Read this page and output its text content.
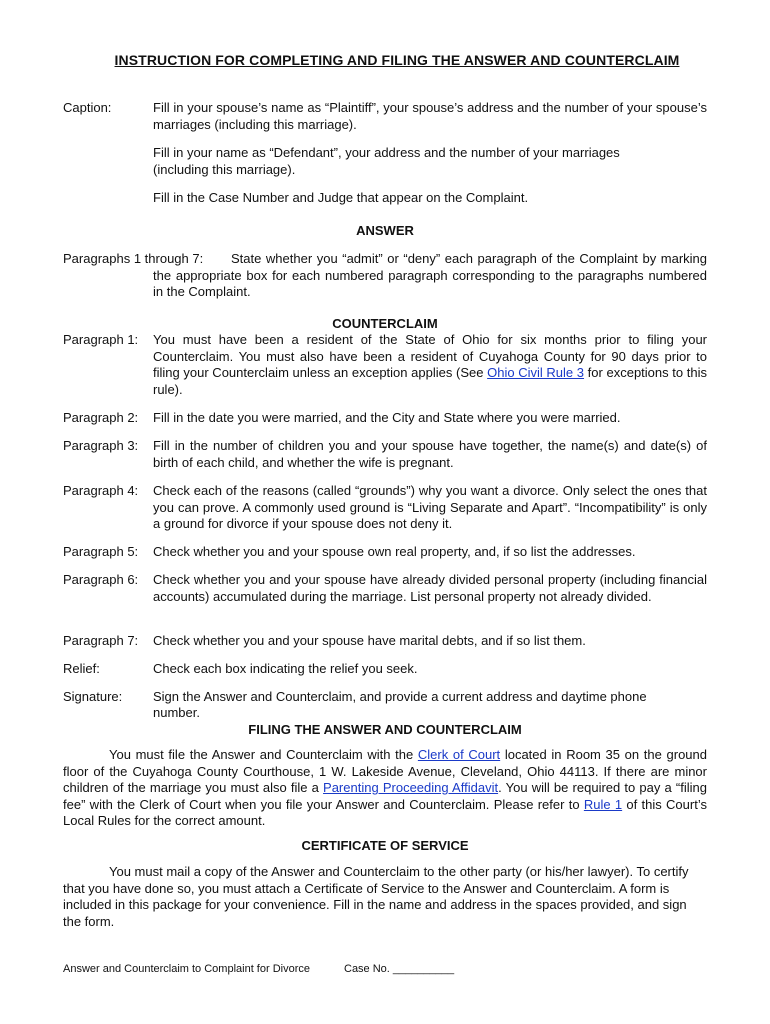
INSTRUCTION FOR COMPLETING AND FILING THE ANSWER AND COUNTERCLAIM
Caption:	Fill in your spouse’s name as “Plaintiff”, your spouse’s address and the number of your spouse’s marriages (including this marriage).
Fill in your name as “Defendant”, your address and the number of your marriages (including this marriage).
Fill in the Case Number and Judge that appear on the Complaint.
ANSWER
Paragraphs 1 through 7:	State whether you “admit” or “deny” each paragraph of the Complaint by marking the appropriate box for each numbered paragraph corresponding to the paragraphs numbered in the Complaint.
COUNTERCLAIM
Paragraph 1: You must have been a resident of the State of Ohio for six months prior to filing your Counterclaim. You must also have been a resident of Cuyahoga County for 90 days prior to filing your Counterclaim unless an exception applies (See Ohio Civil Rule 3 for exceptions to this rule).
Paragraph 2: Fill in the date you were married, and the City and State where you were married.
Paragraph 3: Fill in the number of children you and your spouse have together, the name(s) and date(s) of birth of each child, and whether the wife is pregnant.
Paragraph 4: Check each of the reasons (called “grounds”) why you want a divorce. Only select the ones that you can prove. A commonly used ground is “Living Separate and Apart”. “Incompatibility” is only a ground for divorce if your spouse does not deny it.
Paragraph 5: Check whether you and your spouse own real property, and, if so list the addresses.
Paragraph 6: Check whether you and your spouse have already divided personal property (including financial accounts) accumulated during the marriage. List personal property not already divided.
Paragraph 7: Check whether you and your spouse have marital debts, and if so list them.
Relief:	Check each box indicating the relief you seek.
Signature: Sign the Answer and Counterclaim, and provide a current address and daytime phone number.
FILING THE ANSWER AND COUNTERCLAIM
You must file the Answer and Counterclaim with the Clerk of Court located in Room 35 on the ground floor of the Cuyahoga County Courthouse, 1 W. Lakeside Avenue, Cleveland, Ohio 44113. If there are minor children of the marriage you must also file a Parenting Proceeding Affidavit. You will be required to pay a “filing fee” with the Clerk of Court when you file your Answer and Counterclaim. Please refer to Rule 1 of this Court’s Local Rules for the correct amount.
CERTIFICATE OF SERVICE
You must mail a copy of the Answer and Counterclaim to the other party (or his/her lawyer). To certify that you have done so, you must attach a Certificate of Service to the Answer and Counterclaim. A form is included in this package for your convenience. Fill in the name and address in the spaces provided, and sign the form.
Answer and Counterclaim to Complaint for Divorce	Case No. __________
